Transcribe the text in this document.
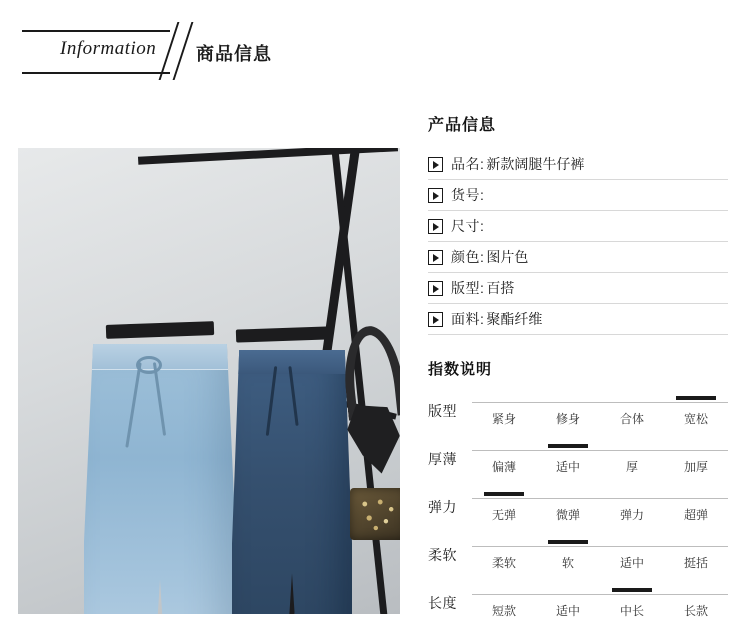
Information 商品信息
产品信息
品名: 新款阔腿牛仔裤
货号:
尺寸:
颜色: 图片色
版型: 百搭
面料: 聚酯纤维
指数说明
版型	紧身	修身	合体	宽松
厚薄	偏薄	适中	厚	加厚
弹力	无弹	微弹	弹力	超弹
柔软	柔软	软	适中	挺括
长度	短款	适中	中长	长款
